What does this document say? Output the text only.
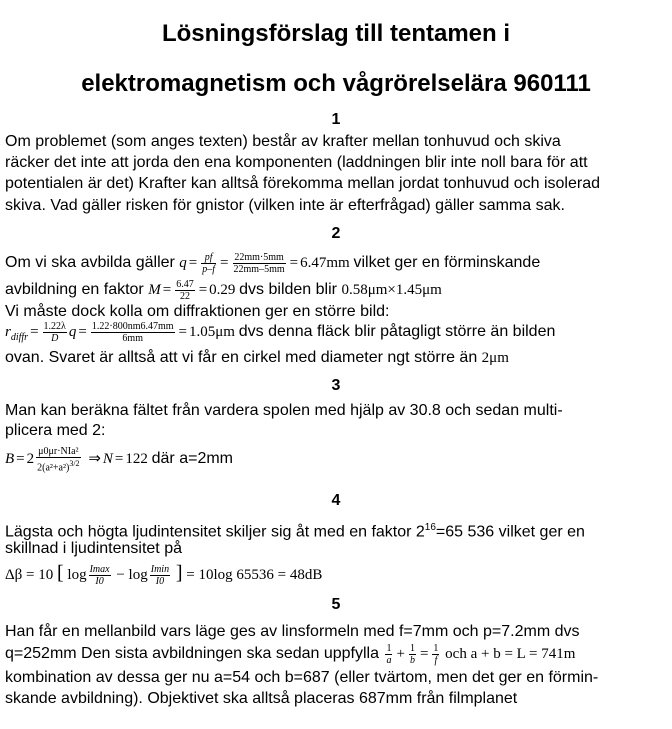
Lösningsförslag till tentamen i
elektromagnetism och vågrörelselära 960111
1
Om problemet (som anges texten) består av krafter mellan tonhuvud och skiva
räcker det inte att jorda den ena komponenten (laddningen blir inte noll bara för att
potentialen är det) Krafter kan alltså förekomma mellan jordat tonhuvud och isolerad
skiva. Vad gäller risken för gnistor (vilken inte är efterfrågad) gäller samma sak.
2
Om vi ska avbilda gäller $q = \frac{pf}{p-f} = \frac{22mm\cdot 5mm}{22mm-5mm} = 6.47mm$ vilket ger en förminskande
avbildning en faktor $M = \frac{6.47}{22} = 0.29$ dvs bilden blir 0.58μm×1.45μm
Vi måste dock kolla om diffraktionen ger en större bild:
$r_{diffr} = \frac{1.22\lambda}{D}$ $q = \frac{1.22\cdot 800nm6.47mm}{6mm} = 1.05\mu m$ dvs denna fläck blir påtagligt större än bilden
ovan. Svaret är alltså att vi får en cirkel med diameter ngt större än 2μm
3
Man kan beräkna fältet från vardera spolen med hjälp av 30.8 och sedan multi-
plicera med 2:
$B = 2 \frac{\text{μ0μr·NIa²}}{2(a^2+a^2)^{3/2}}$ ⇒ N = 122 där a=2mm
4
Lägsta och högta ljudintensitet skiljer sig åt med en faktor $2^{16}=65$ 536 vilket ger en
skillnad i ljudintensitet på
Δβ = 10 [ $\log \frac{Imax}{I0} - \log \frac{Imin}{I0}$ ] = 10log 65536 = 48dB
5
Han får en mellanbild vars läge ges av linsformeln med f=7mm och p=7.2mm dvs
q=252mm Den sista avbildningen ska sedan uppfylla $\frac{1}{a} + \frac{1}{b} = \frac{1}{f}$ och a + b = L = 741m
kombination av dessa ger nu a=54 och b=687 (eller tvärtom, men det ger en förmin-
skande avbildning). Objektivet ska alltså placeras 687mm från filmplanet
